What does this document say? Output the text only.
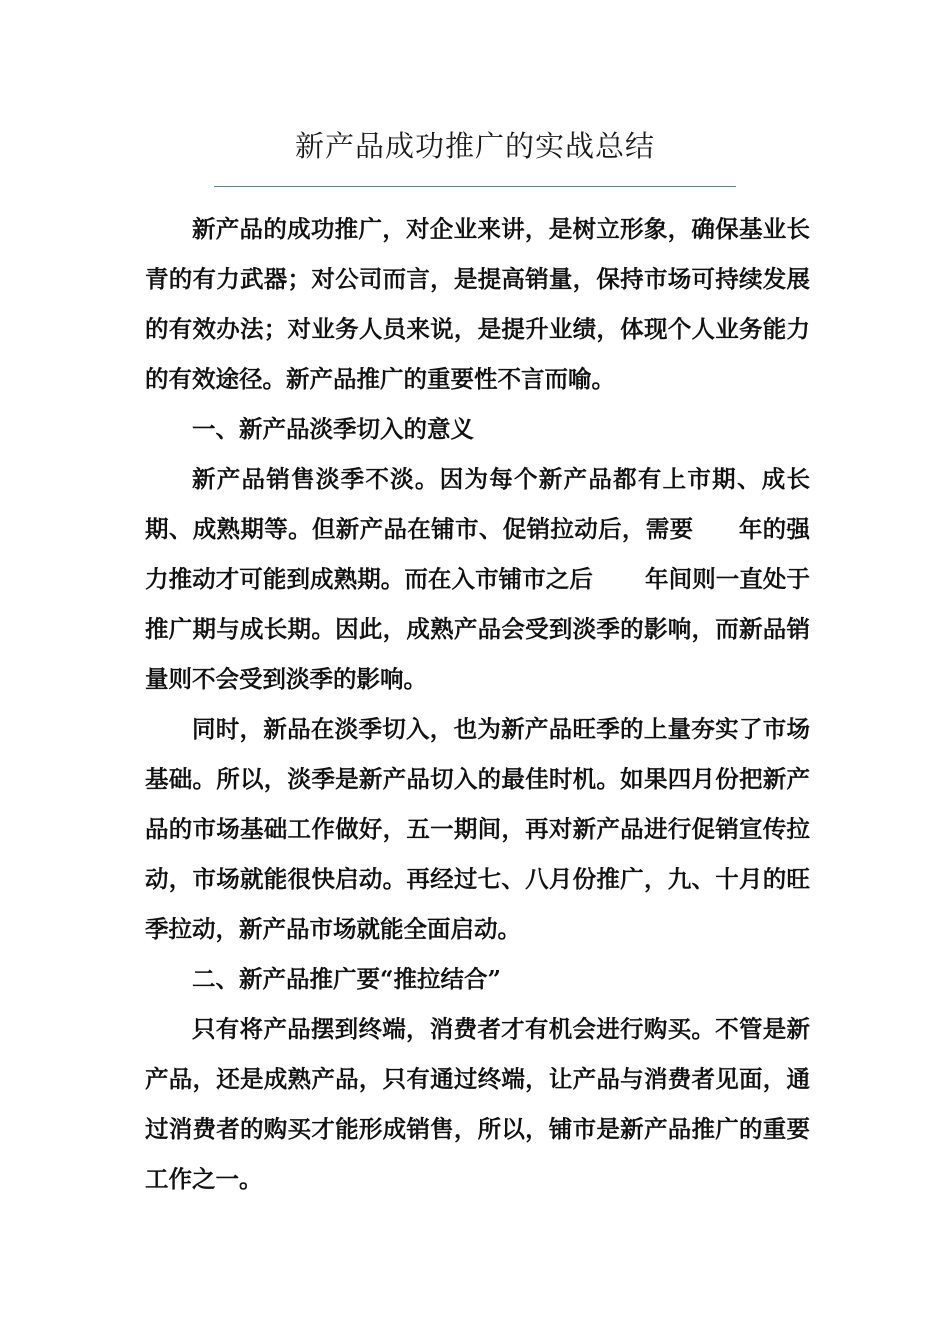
新产品成功推广的实战总结

新产品的成功推广，对企业来讲，是树立形象，确保基业长青的有力武器；对公司而言，是提高销量，保持市场可持续发展的有效办法；对业务人员来说，是提升业绩，体现个人业务能力的有效途径。新产品推广的重要性不言而喻。

一、新产品淡季切入的意义

新产品销售淡季不淡。因为每个新产品都有上市期、成长期、成熟期等。但新产品在铺市、促销拉动后，需要 年的强力推动才可能到成熟期。而在入市铺市之后 年间则一直处于推广期与成长期。因此，成熟产品会受到淡季的影响，而新品销量则不会受到淡季的影响。

同时，新品在淡季切入，也为新产品旺季的上量夯实了市场基础。所以，淡季是新产品切入的最佳时机。如果四月份把新产品的市场基础工作做好，五一期间，再对新产品进行促销宣传拉动，市场就能很快启动。再经过七、八月份推广，九、十月的旺季拉动，新产品市场就能全面启动。

二、新产品推广要“推拉结合”

只有将产品摆到终端，消费者才有机会进行购买。不管是新产品，还是成熟产品，只有通过终端，让产品与消费者见面，通过消费者的购买才能形成销售，所以，铺市是新产品推广的重要工作之一。
